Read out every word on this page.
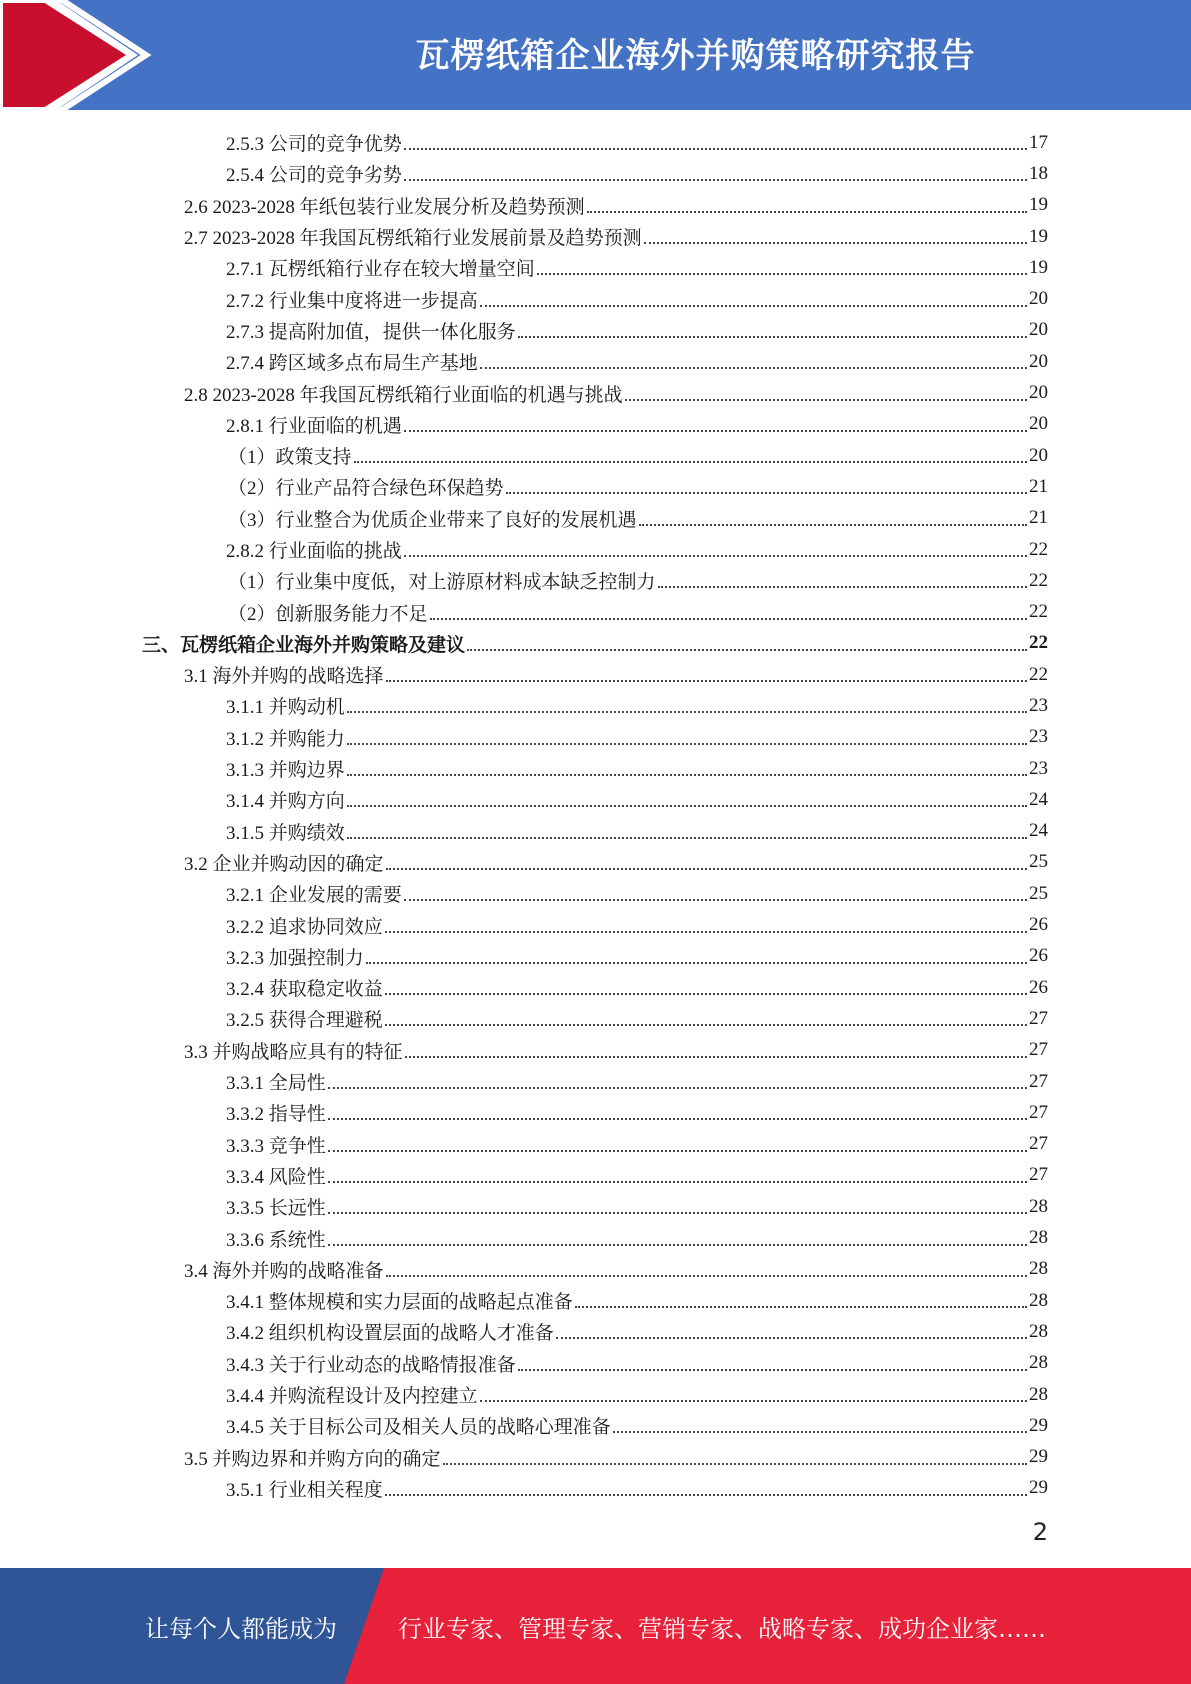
瓦楞纸箱企业海外并购策略研究报告
2.5.3 公司的竞争优势	17
2.5.4 公司的竞争劣势	18
2.6 2023-2028 年纸包装行业发展分析及趋势预测	19
2.7 2023-2028 年我国瓦楞纸箱行业发展前景及趋势预测	19
2.7.1 瓦楞纸箱行业存在较大增量空间	19
2.7.2 行业集中度将进一步提高	20
2.7.3 提高附加值，提供一体化服务	20
2.7.4 跨区域多点布局生产基地	20
2.8 2023-2028 年我国瓦楞纸箱行业面临的机遇与挑战	20
2.8.1 行业面临的机遇	20
（1）政策支持	20
（2）行业产品符合绿色环保趋势	21
（3）行业整合为优质企业带来了良好的发展机遇	21
2.8.2 行业面临的挑战	22
（1）行业集中度低，对上游原材料成本缺乏控制力	22
（2）创新服务能力不足	22
三、瓦楞纸箱企业海外并购策略及建议	22
3.1 海外并购的战略选择	22
3.1.1 并购动机	23
3.1.2 并购能力	23
3.1.3 并购边界	23
3.1.4 并购方向	24
3.1.5 并购绩效	24
3.2 企业并购动因的确定	25
3.2.1 企业发展的需要	25
3.2.2 追求协同效应	26
3.2.3 加强控制力	26
3.2.4 获取稳定收益	26
3.2.5 获得合理避税	27
3.3 并购战略应具有的特征	27
3.3.1 全局性	27
3.3.2 指导性	27
3.3.3 竞争性	27
3.3.4 风险性	27
3.3.5 长远性	28
3.3.6 系统性	28
3.4 海外并购的战略准备	28
3.4.1 整体规模和实力层面的战略起点准备	28
3.4.2 组织机构设置层面的战略人才准备	28
3.4.3 关于行业动态的战略情报准备	28
3.4.4 并购流程设计及内控建立	28
3.4.5 关于目标公司及相关人员的战略心理准备	29
3.5 并购边界和并购方向的确定	29
3.5.1 行业相关程度	29
2
让每个人都能成为	行业专家、管理专家、营销专家、战略专家、成功企业家……
